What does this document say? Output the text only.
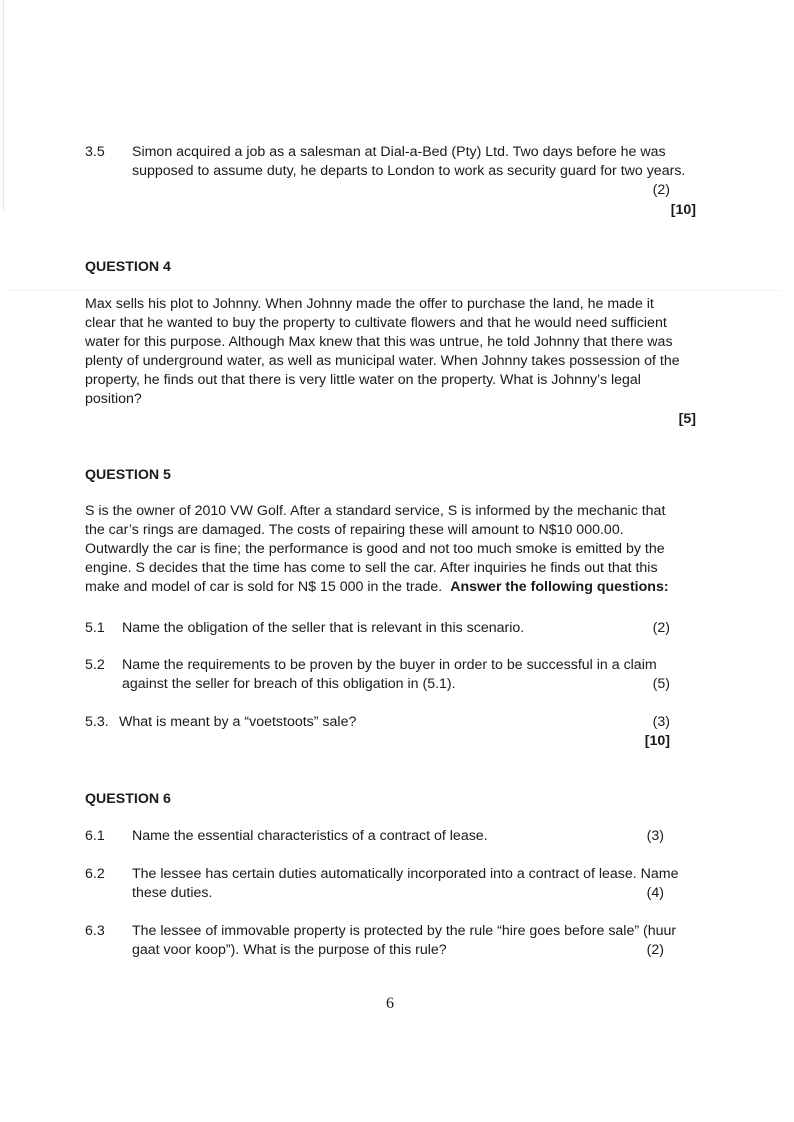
3.5 Simon acquired a job as a salesman at Dial-a-Bed (Pty) Ltd. Two days before he was
supposed to assume duty, he departs to London to work as security guard for two years.
(2)
[10]
QUESTION 4
Max sells his plot to Johnny. When Johnny made the offer to purchase the land, he made it
clear that he wanted to buy the property to cultivate flowers and that he would need sufficient
water for this purpose. Although Max knew that this was untrue, he told Johnny that there was
plenty of underground water, as well as municipal water. When Johnny takes possession of the
property, he finds out that there is very little water on the property. What is Johnny’s legal
position?
[5]
QUESTION 5
S is the owner of 2010 VW Golf. After a standard service, S is informed by the mechanic that
the car’s rings are damaged. The costs of repairing these will amount to N$10 000.00.
Outwardly the car is fine; the performance is good and not too much smoke is emitted by the
engine. S decides that the time has come to sell the car. After inquiries he finds out that this
make and model of car is sold for N$ 15 000 in the trade. Answer the following questions:
5.1 Name the obligation of the seller that is relevant in this scenario.	(2)
5.2 Name the requirements to be proven by the buyer in order to be successful in a claim
against the seller for breach of this obligation in (5.1).	(5)
5.3. What is meant by a “voetstoots” sale?	(3)
[10]
QUESTION 6
6.1 Name the essential characteristics of a contract of lease.	(3)
6.2 The lessee has certain duties automatically incorporated into a contract of lease. Name
these duties.	(4)
6.3 The lessee of immovable property is protected by the rule “hire goes before sale” (huur
gaat voor koop”). What is the purpose of this rule?	(2)
6
